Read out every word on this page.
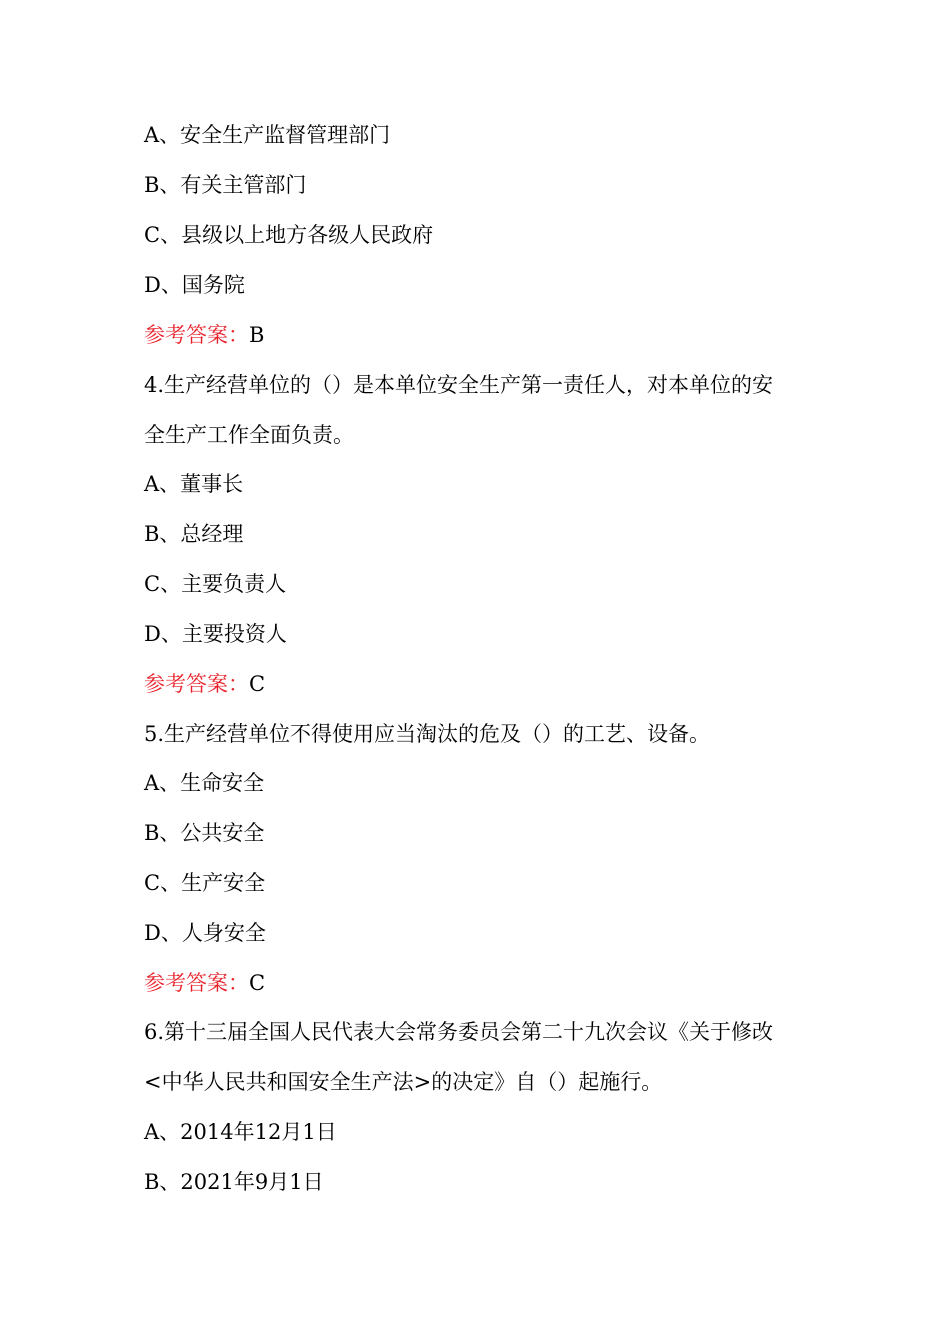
A、安全生产监督管理部门
B、有关主管部门
C、县级以上地方各级人民政府
D、国务院
参考答案：B
4.生产经营单位的（）是本单位安全生产第一责任人，对本单位的安
全生产工作全面负责。
A、董事长
B、总经理
C、主要负责人
D、主要投资人
参考答案：C
5.生产经营单位不得使用应当淘汰的危及（）的工艺、设备。
A、生命安全
B、公共安全
C、生产安全
D、人身安全
参考答案：C
6.第十三届全国人民代表大会常务委员会第二十九次会议《关于修改
<中华人民共和国安全生产法>的决定》自（）起施行。
A、2014年12月1日
B、2021年9月1日
